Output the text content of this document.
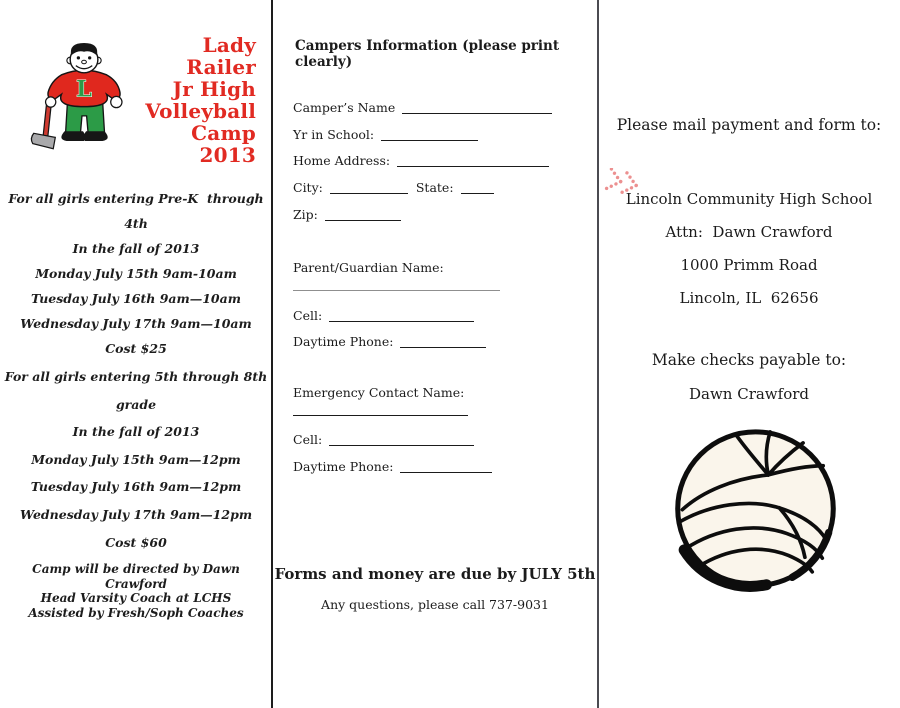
L
Lady Railer
Jr High
Volleyball
Camp
2013
For all girls entering Pre-K  through 4th
In the fall of 2013
Monday July 15th 9am-10am
Tuesday July 16th 9am—10am
Wednesday July 17th 9am—10am
Cost $25
For all girls entering 5th through 8th grade
In the fall of 2013
Monday July 15th 9am—12pm
Tuesday July 16th 9am—12pm
Wednesday July 17th 9am—12pm
Cost $60
Camp will be directed by Dawn Crawford
Head Varsity Coach at LCHS
Assisted by Fresh/Soph Coaches
Campers Information (please print clearly)
Camper’s Name
Yr in School:
Home Address:
City:	State:
Zip:
Parent/Guardian Name:
Cell:
Daytime Phone:
Emergency Contact Name:
Cell:
Daytime Phone:
Forms and money are due by JULY 5th
Any questions, please call 737-9031
Please mail payment and form to:
Lincoln Community High School
Attn:  Dawn Crawford
1000 Primm Road
Lincoln, IL  62656
Make checks payable to:
Dawn Crawford
